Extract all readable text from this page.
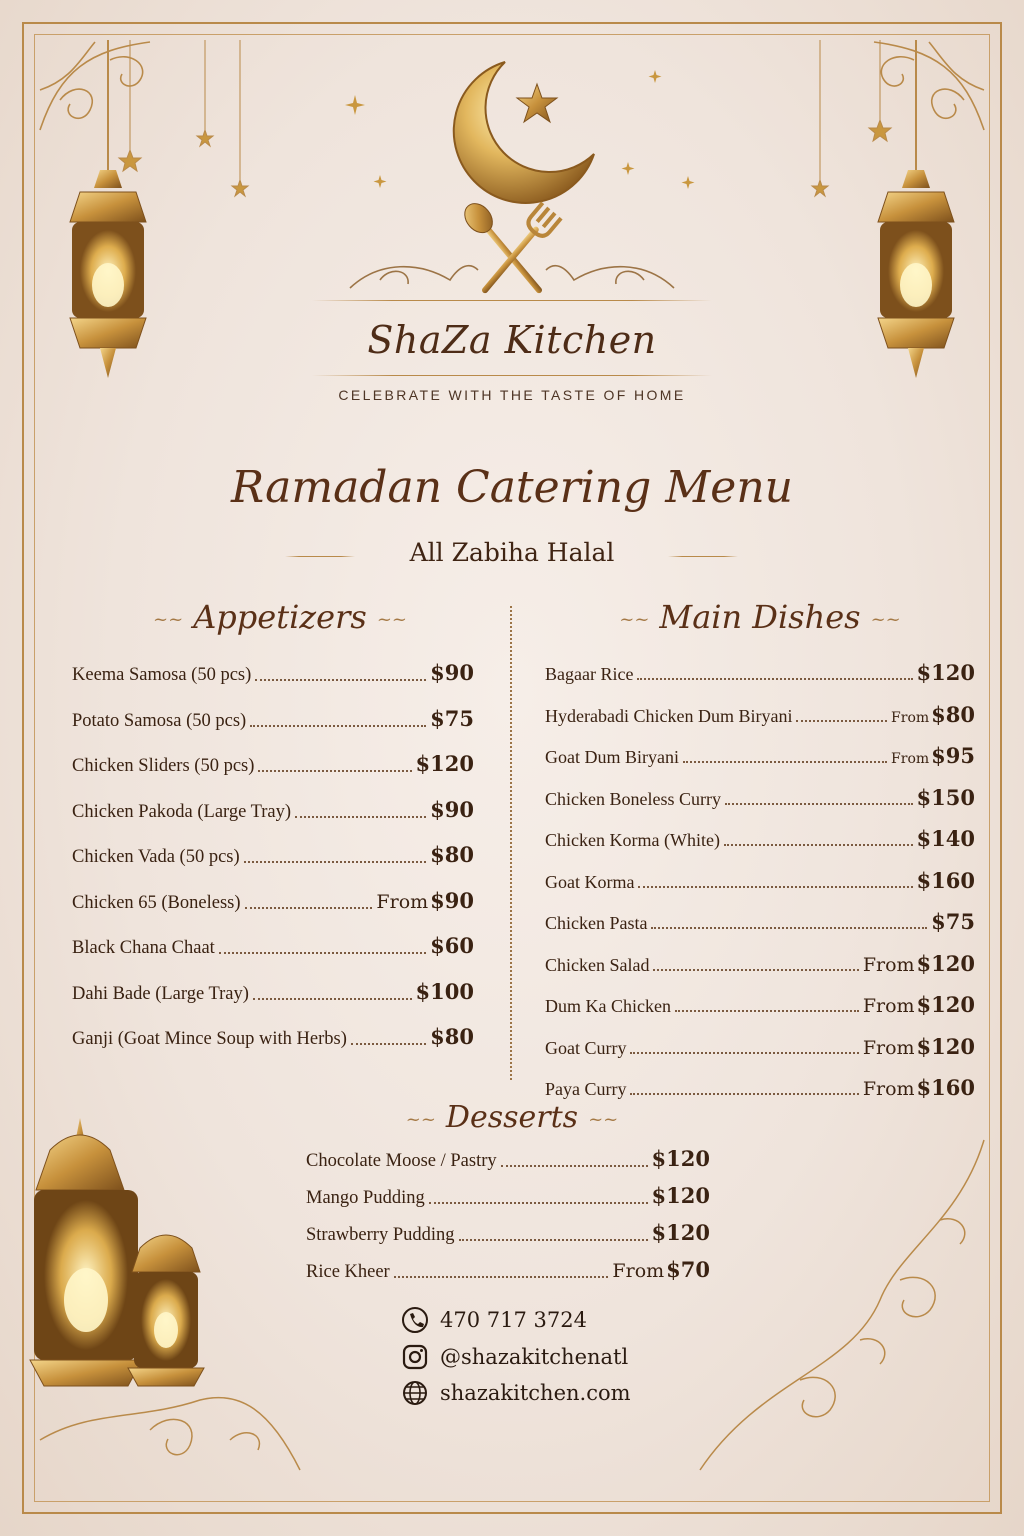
ShaZa Kitchen
CELEBRATE WITH THE TASTE OF HOME
Ramadan Catering Menu
All Zabiha Halal
~~ Appetizers ~~
Keema Samosa (50 pcs)	$90
Potato Samosa (50 pcs)	$75
Chicken Sliders (50 pcs)	$120
Chicken Pakoda (Large Tray)	$90
Chicken Vada (50 pcs)	$80
Chicken 65 (Boneless)	From $90
Black Chana Chaat	$60
Dahi Bade (Large Tray)	$100
Ganji (Goat Mince Soup with Herbs)	$80
~~ Main Dishes ~~
Bagaar Rice	$120
Hyderabadi Chicken Dum Biryani	From $80
Goat Dum Biryani	From $95
Chicken Boneless Curry	$150
Chicken Korma (White)	$140
Goat Korma	$160
Chicken Pasta	$75
Chicken Salad	From $120
Dum Ka Chicken	From $120
Goat Curry	From $120
Paya Curry	From $160
~~ Desserts ~~
Chocolate Moose / Pastry	$120
Mango Pudding	$120
Strawberry Pudding	$120
Rice Kheer	From $70
470 717 3724
@shazakitchenatl
shazakitchen.com
